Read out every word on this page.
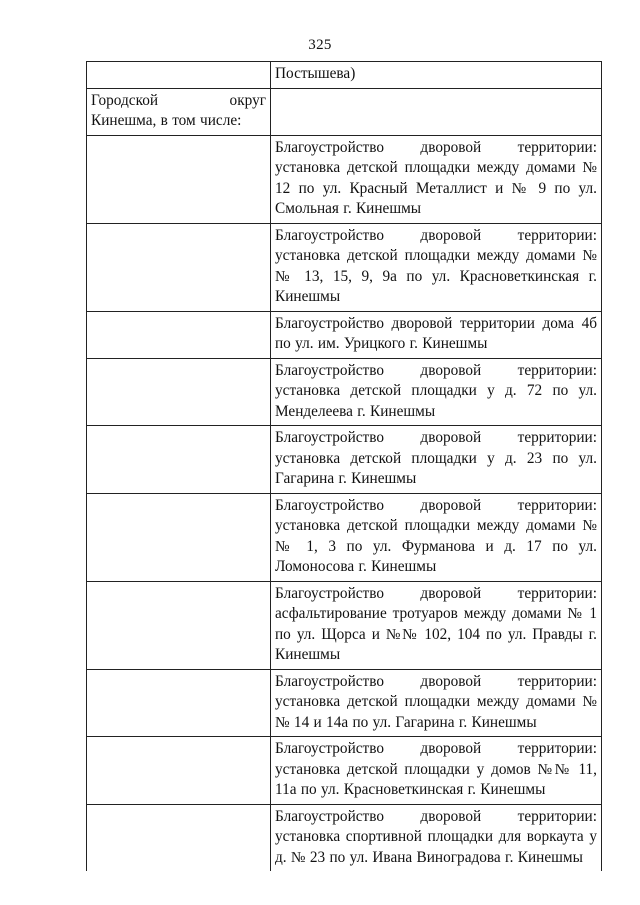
325
	Постышева)
Городской округ Кинешма, в том числе:	
	Благоустройство дворовой территории: установка детской площадки между домами № 12 по ул. Красный Металлист и № 9 по ул. Смольная г. Кинешмы
	Благоустройство дворовой территории: установка детской площадки между домами №№ 13, 15, 9, 9а по ул. Красноветкинская г. Кинешмы
	Благоустройство дворовой территории дома 4б по ул. им. Урицкого г. Кинешмы
	Благоустройство дворовой территории: установка детской площадки у д. 72 по ул. Менделеева г. Кинешмы
	Благоустройство дворовой территории: установка детской площадки у д. 23 по ул. Гагарина г. Кинешмы
	Благоустройство дворовой территории: установка детской площадки между домами №№ 1, 3 по ул. Фурманова и д. 17 по ул. Ломоносова г. Кинешмы
	Благоустройство дворовой территории: асфальтирование тротуаров между домами № 1 по ул. Щорса и №№ 102, 104 по ул. Правды г. Кинешмы
	Благоустройство дворовой территории: установка детской площадки между домами №№ 14 и 14а по ул. Гагарина г. Кинешмы
	Благоустройство дворовой территории: установка детской площадки у домов №№ 11, 11а по ул. Красноветкинская г. Кинешмы
	Благоустройство дворовой территории: установка спортивной площадки для воркаута у д. № 23 по ул. Ивана Виноградова г. Кинешмы
